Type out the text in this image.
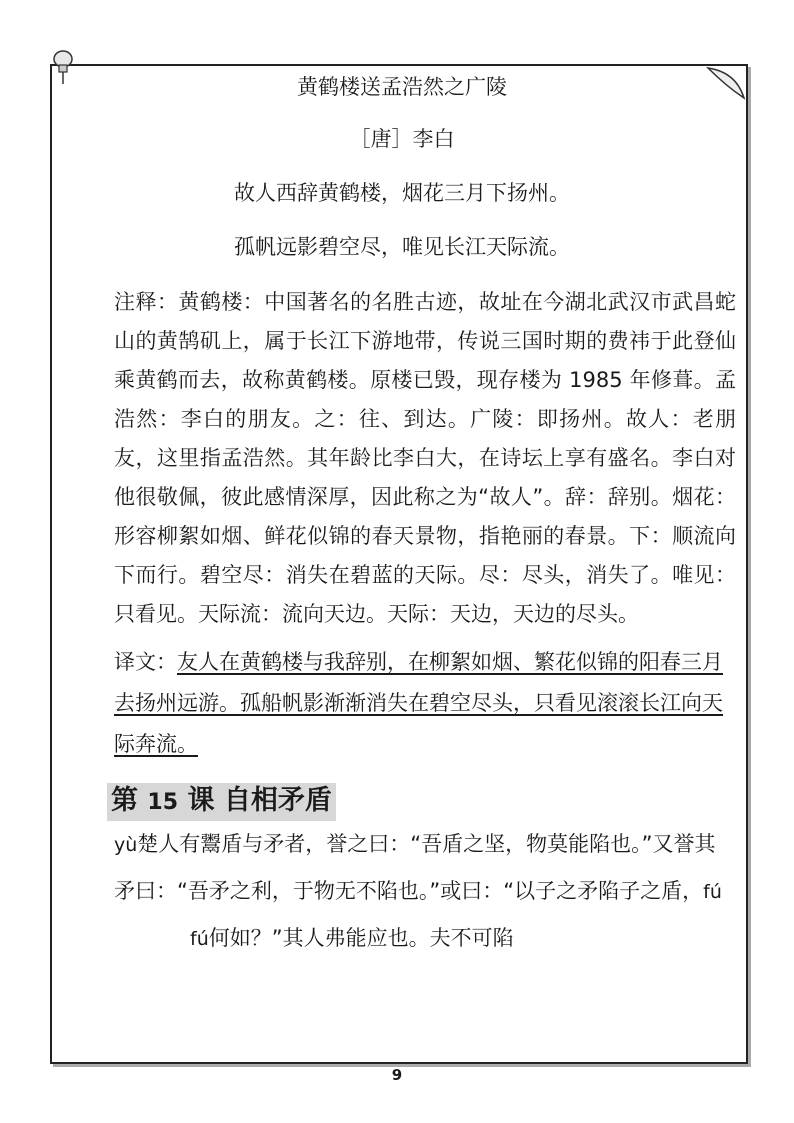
黄鹤楼送孟浩然之广陵
［唐］李白
故人西辞黄鹤楼，烟花三月下扬州。
孤帆远影碧空尽，唯见长江天际流。
注释：黄鹤楼：中国著名的名胜古迹，故址在今湖北武汉市武昌蛇山的黄鹄矶上，属于长江下游地带，传说三国时期的费祎于此登仙乘黄鹤而去，故称黄鹤楼。原楼已毁，现存楼为 1985 年修葺。孟浩然：李白的朋友。之：往、到达。广陵：即扬州。故人：老朋友，这里指孟浩然。其年龄比李白大，在诗坛上享有盛名。李白对他很敬佩，彼此感情深厚，因此称之为“故人”。辞：辞别。烟花：形容柳絮如烟、鲜花似锦的春天景物，指艳丽的春景。下：顺流向下而行。碧空尽：消失在碧蓝的天际。尽：尽头，消失了。唯见：只看见。天际流：流向天边。天际：天边，天边的尽头。
译文：友人在黄鹤楼与我辞别，在柳絮如烟、繁花似锦的阳春三月去扬州远游。孤船帆影渐渐消失在碧空尽头，只看见滚滚长江向天际奔流。
第 15 课 自相矛盾
yù楚人有鬻盾与矛者，誉之曰：“吾盾之坚，物莫能陷也。”又誉其矛曰：“吾矛之利，于物无不陷也。”或曰：“以子之矛陷子之盾，fúfú何如？”其人弗能应也。夫不可陷
9
